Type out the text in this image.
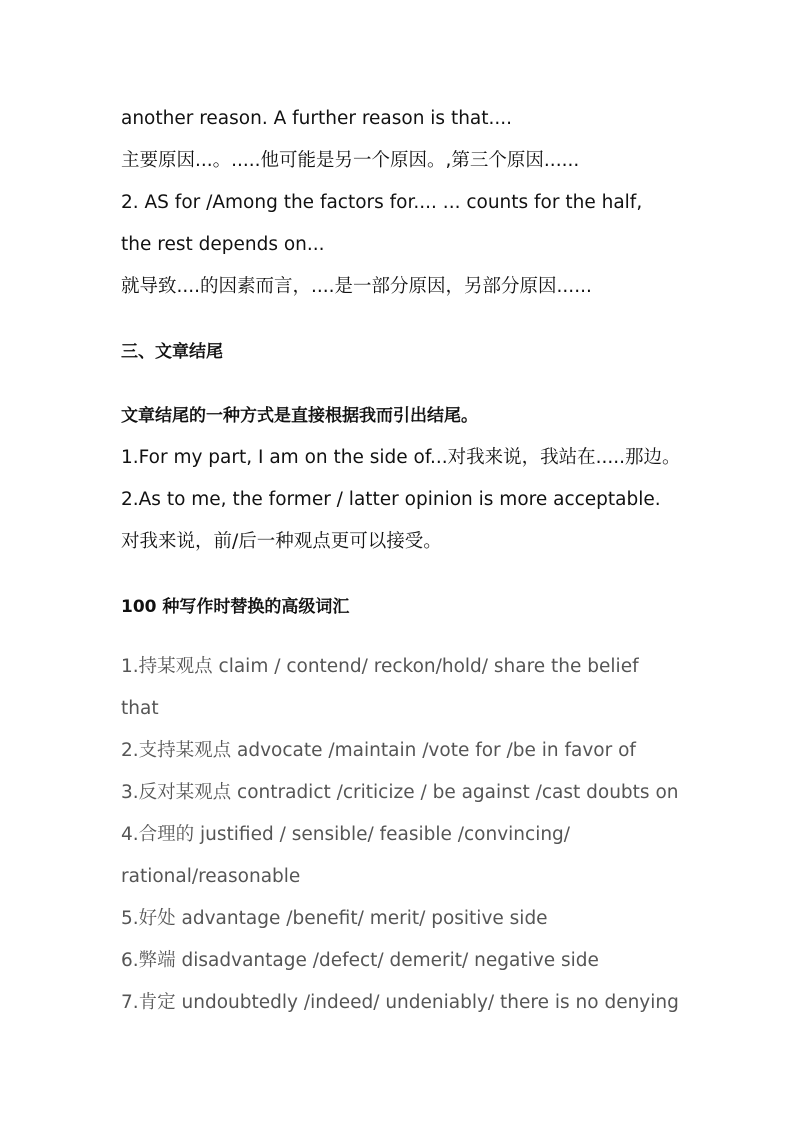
another reason. A further reason is that....
主要原因...。.....他可能是另一个原因。,第三个原因......
2. AS for /Among the factors for.... ... counts for the half,
the rest depends on...
就导致....的因素而言，....是一部分原因，另部分原因......
三、文章结尾
文章结尾的一种方式是直接根据我而引出结尾。
1.For my part, I am on the side of...对我来说，我站在.....那边。
2.As to me, the former / latter opinion is more acceptable.
对我来说，前/后一种观点更可以接受。
100 种写作时替换的高级词汇
1.持某观点 claim / contend/ reckon/hold/ share the belief
that
2.支持某观点 advocate /maintain /vote for /be in favor of
3.反对某观点 contradict /criticize / be against /cast doubts on
4.合理的 justified / sensible/ feasible /convincing/
rational/reasonable
5.好处 advantage /benefit/ merit/ positive side
6.弊端 disadvantage /defect/ demerit/ negative side
7.肯定 undoubtedly /indeed/ undeniably/ there is no denying
